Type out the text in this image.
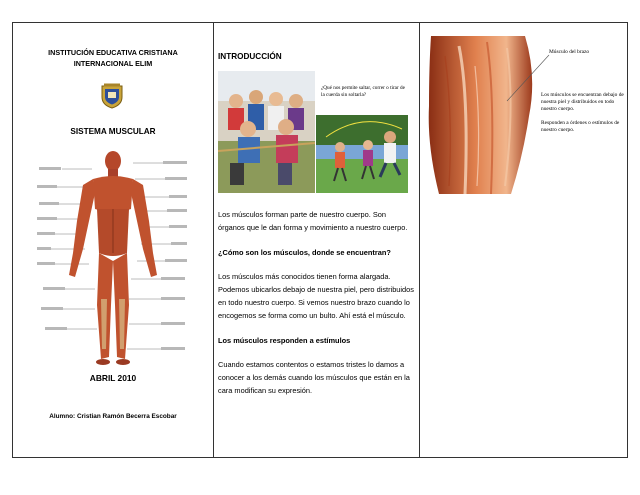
INSTITUCIÓN EDUCATIVA CRISTIANA
INTERNACIONAL ELIM
SISTEMA MUSCULAR
ABRIL 2010
Alumno: Cristian Ramón Becerra Escobar
INTRODUCCIÓN
¿Qué nos permite saltar, correr o tirar de la cuerda sin soltarla?

Los músculos forman parte de nuestro cuerpo. Son órganos que le dan forma y movimiento a nuestro cuerpo.

¿Cómo son los músculos, donde se encuentran?

Los músculos más conocidos tienen forma alargada. Podemos ubicarlos debajo de nuestra piel, pero distribuidos en todo nuestro cuerpo. Si vemos nuestro brazo cuando lo encogemos se forma como un bulto. Ahí está el músculo.

Los músculos responden a estímulos

Cuando estamos contentos o estamos tristes lo damos a conocer a los demás cuando los músculos que están en la cara modifican su expresión.

Músculo del brazo

Los músculos se encuentran debajo de nuestra piel y distribuidos en todo nuestro cuerpo.

Responden a órdenes o estímulos de nuestro cuerpo.
